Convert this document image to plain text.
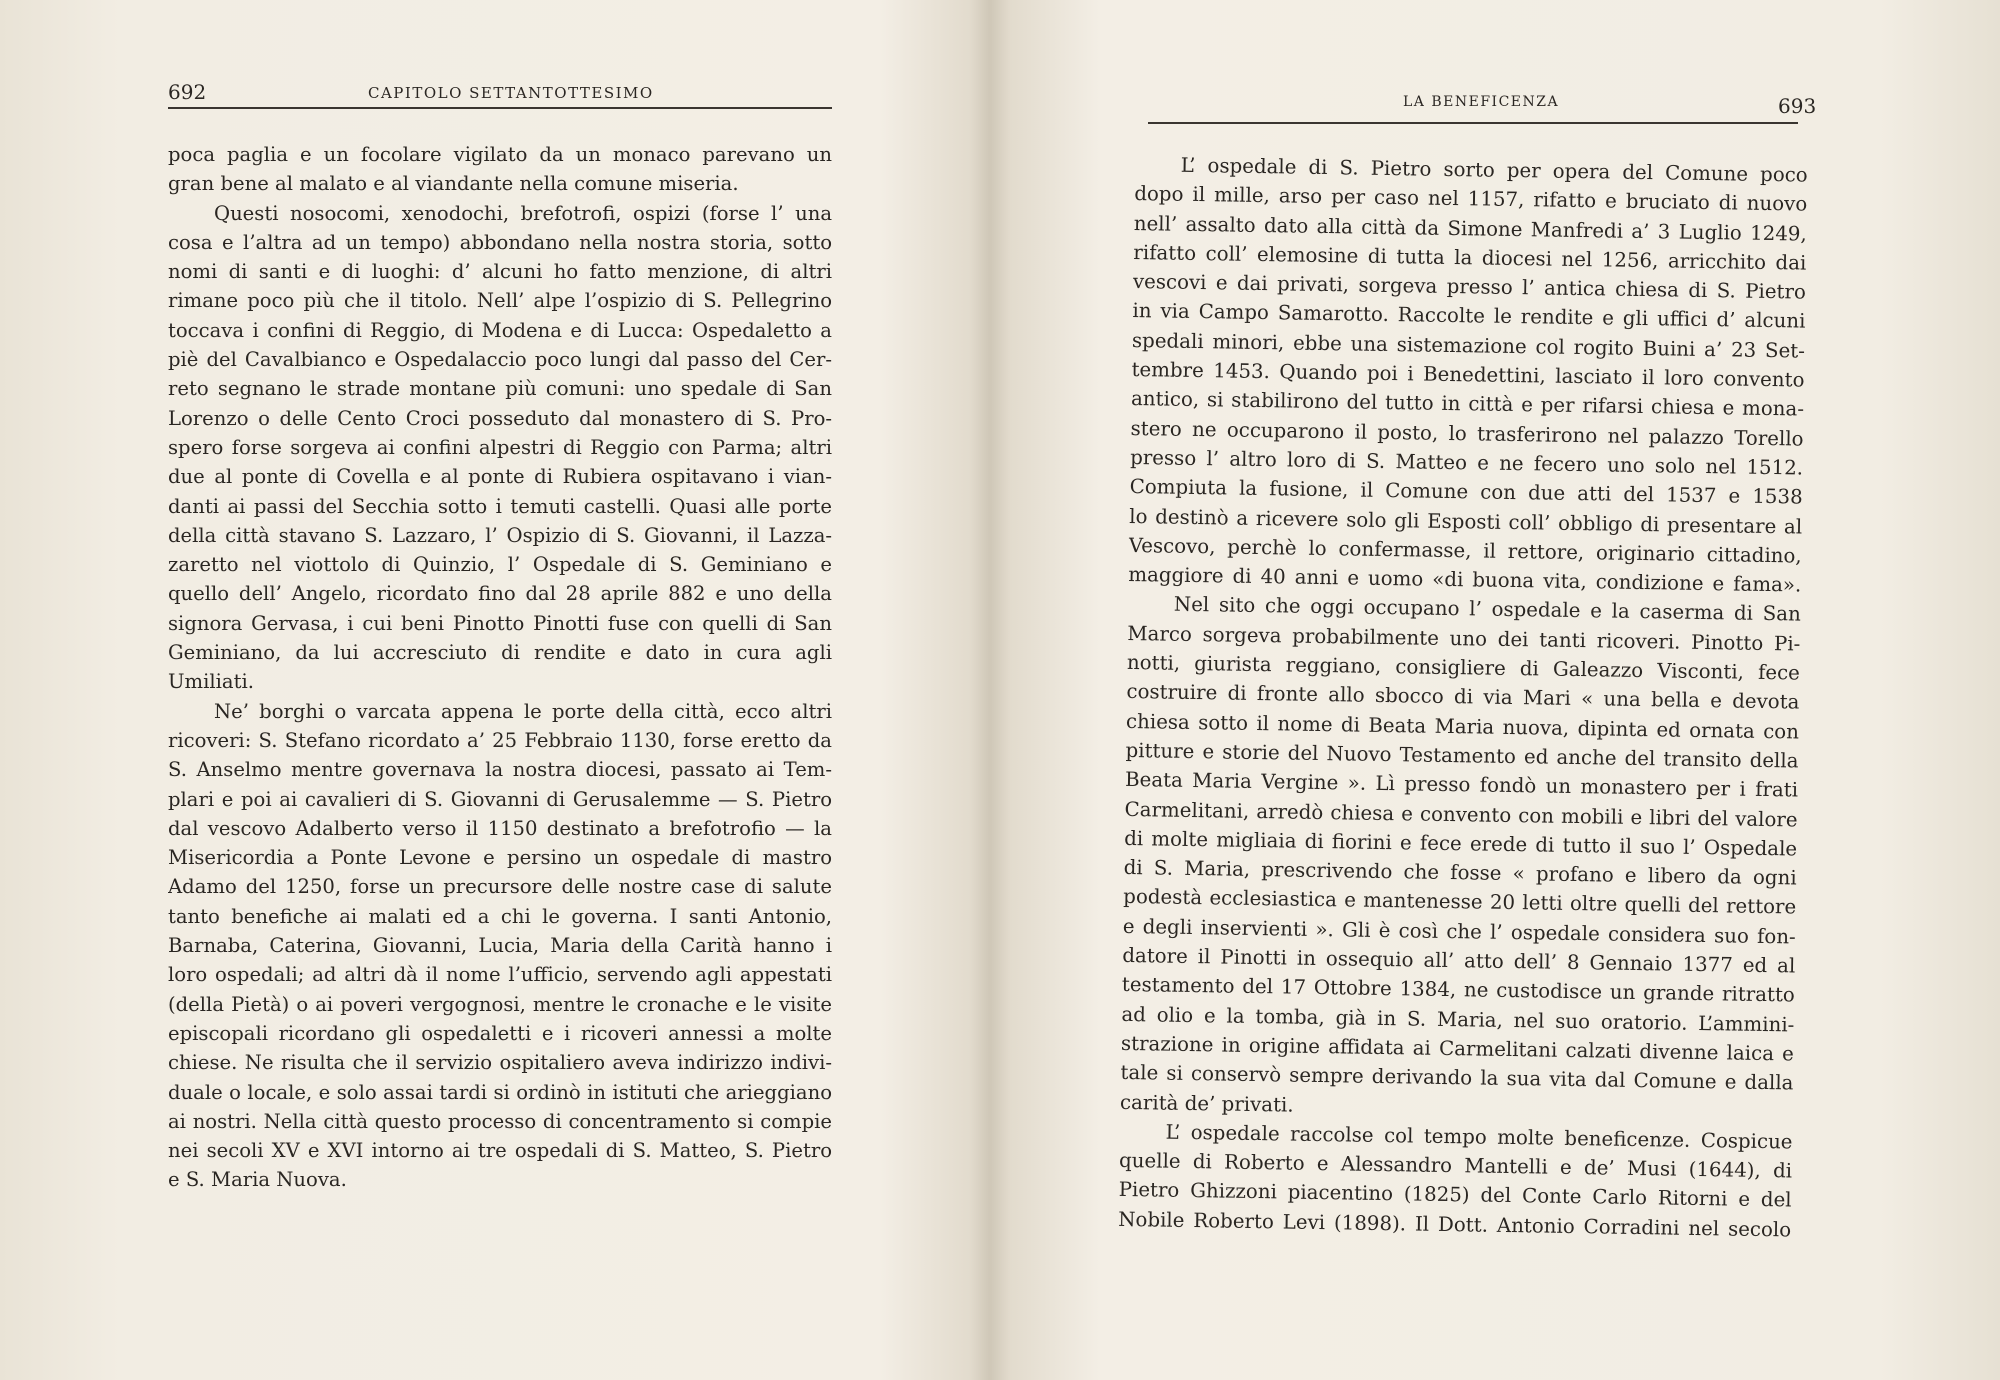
692	CAPITOLO SETTANTOTTESIMO
poca paglia e un focolare vigilato da un monaco parevano un
gran bene al malato e al viandante nella comune miseria.
Questi nosocomi, xenodochi, brefotrofi, ospizi (forse l’ una
cosa e l’altra ad un tempo) abbondano nella nostra storia, sotto
nomi di santi e di luoghi: d’ alcuni ho fatto menzione, di altri
rimane poco più che il titolo. Nell’ alpe l’ospizio di S. Pellegrino
toccava i confini di Reggio, di Modena e di Lucca: Ospedaletto a
piè del Cavalbianco e Ospedalaccio poco lungi dal passo del Cer-
reto segnano le strade montane più comuni: uno spedale di San
Lorenzo o delle Cento Croci posseduto dal monastero di S. Pro-
spero forse sorgeva ai confini alpestri di Reggio con Parma; altri
due al ponte di Covella e al ponte di Rubiera ospitavano i vian-
danti ai passi del Secchia sotto i temuti castelli. Quasi alle porte
della città stavano S. Lazzaro, l’ Ospizio di S. Giovanni, il Lazza-
zaretto nel viottolo di Quinzio, l’ Ospedale di S. Geminiano e
quello dell’ Angelo, ricordato fino dal 28 aprile 882 e uno della
signora Gervasa, i cui beni Pinotto Pinotti fuse con quelli di San
Geminiano, da lui accresciuto di rendite e dato in cura agli
Umiliati.
Ne’ borghi o varcata appena le porte della città, ecco altri
ricoveri: S. Stefano ricordato a’ 25 Febbraio 1130, forse eretto da
S. Anselmo mentre governava la nostra diocesi, passato ai Tem-
plari e poi ai cavalieri di S. Giovanni di Gerusalemme — S. Pietro
dal vescovo Adalberto verso il 1150 destinato a brefotrofio — la
Misericordia a Ponte Levone e persino un ospedale di mastro
Adamo del 1250, forse un precursore delle nostre case di salute
tanto benefiche ai malati ed a chi le governa. I santi Antonio,
Barnaba, Caterina, Giovanni, Lucia, Maria della Carità hanno i
loro ospedali; ad altri dà il nome l’ufficio, servendo agli appestati
(della Pietà) o ai poveri vergognosi, mentre le cronache e le visite
episcopali ricordano gli ospedaletti e i ricoveri annessi a molte
chiese. Ne risulta che il servizio ospitaliero aveva indirizzo indivi-
duale o locale, e solo assai tardi si ordinò in istituti che arieggiano
ai nostri. Nella città questo processo di concentramento si compie
nei secoli XV e XVI intorno ai tre ospedali di S. Matteo, S. Pietro
e S. Maria Nuova.
LA BENEFICENZA	693
L’ ospedale di S. Pietro sorto per opera del Comune poco
dopo il mille, arso per caso nel 1157, rifatto e bruciato di nuovo
nell’ assalto dato alla città da Simone Manfredi a’ 3 Luglio 1249,
rifatto coll’ elemosine di tutta la diocesi nel 1256, arricchito dai
vescovi e dai privati, sorgeva presso l’ antica chiesa di S. Pietro
in via Campo Samarotto. Raccolte le rendite e gli uffici d’ alcuni
spedali minori, ebbe una sistemazione col rogito Buini a’ 23 Set-
tembre 1453. Quando poi i Benedettini, lasciato il loro convento
antico, si stabilirono del tutto in città e per rifarsi chiesa e mona-
stero ne occuparono il posto, lo trasferirono nel palazzo Torello
presso l’ altro loro di S. Matteo e ne fecero uno solo nel 1512.
Compiuta la fusione, il Comune con due atti del 1537 e 1538
lo destinò a ricevere solo gli Esposti coll’ obbligo di presentare al
Vescovo, perchè lo confermasse, il rettore, originario cittadino,
maggiore di 40 anni e uomo «di buona vita, condizione e fama».
Nel sito che oggi occupano l’ ospedale e la caserma di San
Marco sorgeva probabilmente uno dei tanti ricoveri. Pinotto Pi-
notti, giurista reggiano, consigliere di Galeazzo Visconti, fece
costruire di fronte allo sbocco di via Mari « una bella e devota
chiesa sotto il nome di Beata Maria nuova, dipinta ed ornata con
pitture e storie del Nuovo Testamento ed anche del transito della
Beata Maria Vergine ». Lì presso fondò un monastero per i frati
Carmelitani, arredò chiesa e convento con mobili e libri del valore
di molte migliaia di fiorini e fece erede di tutto il suo l’ Ospedale
di S. Maria, prescrivendo che fosse « profano e libero da ogni
podestà ecclesiastica e mantenesse 20 letti oltre quelli del rettore
e degli inservienti ». Gli è così che l’ ospedale considera suo fon-
datore il Pinotti in ossequio all’ atto dell’ 8 Gennaio 1377 ed al
testamento del 17 Ottobre 1384, ne custodisce un grande ritratto
ad olio e la tomba, già in S. Maria, nel suo oratorio. L’ammini-
strazione in origine affidata ai Carmelitani calzati divenne laica e
tale si conservò sempre derivando la sua vita dal Comune e dalla
carità de’ privati.
L’ ospedale raccolse col tempo molte beneficenze. Cospicue
quelle di Roberto e Alessandro Mantelli e de’ Musi (1644), di
Pietro Ghizzoni piacentino (1825) del Conte Carlo Ritorni e del
Nobile Roberto Levi (1898). Il Dott. Antonio Corradini nel secolo
